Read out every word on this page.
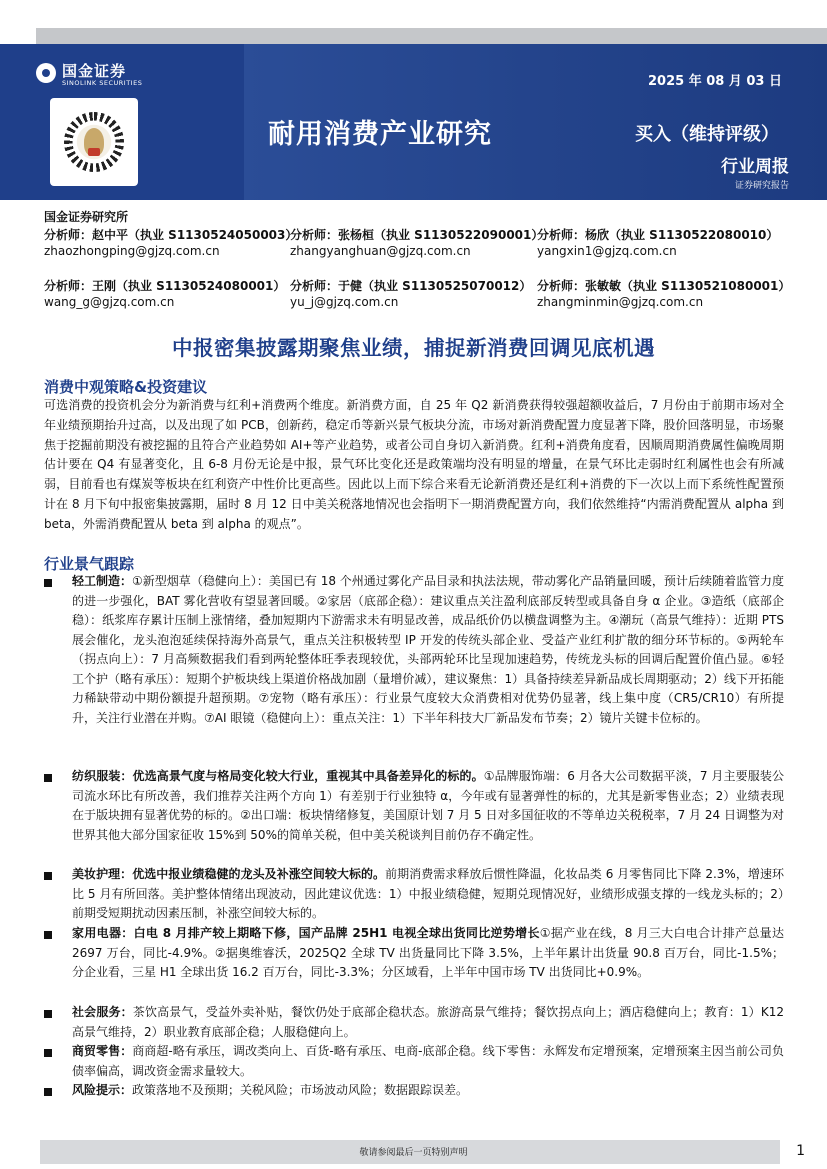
国金证券
SINOLINK SECURITIES	2025 年 08 月 03 日
耐用消费产业研究	买入（维持评级）
行业周报
证券研究报告
国金证券研究所
分析师：赵中平（执业 S1130524050003）
zhaozhongping@gjzq.com.cn
分析师：张杨桓（执业 S1130522090001）
zhangyanghuan@gjzq.com.cn
分析师：杨欣（执业 S1130522080010）
yangxin1@gjzq.com.cn
分析师：王刚（执业 S1130524080001）
wang_g@gjzq.com.cn
分析师：于健（执业 S1130525070012）
yu_j@gjzq.com.cn
分析师：张敏敏（执业 S1130521080001）
zhangminmin@gjzq.com.cn
中报密集披露期聚焦业绩，捕捉新消费回调见底机遇
消费中观策略&投资建议
可选消费的投资机会分为新消费与红利+消费两个维度。新消费方面，自 25 年 Q2 新消费获得较强超额收益后，7 月份由于前期市场对全年业绩预期抬升过高，以及出现了如 PCB，创新药，稳定币等新兴景气板块分流，市场对新消费配置力度显著下降，股价回落明显，市场聚焦于挖掘前期没有被挖掘的且符合产业趋势如 AI+等产业趋势，或者公司自身切入新消费。红利+消费角度看，因顺周期消费属性偏晚周期估计要在 Q4 有显著变化，且 6-8 月份无论是中报，景气环比变化还是政策端均没有明显的增量，在景气环比走弱时红利属性也会有所减弱，目前看也有煤炭等板块在红利资产中性价比更高些。因此以上而下综合来看无论新消费还是红利+消费的下一次以上而下系统性配置预计在 8 月下旬中报密集披露期，届时 8 月 12 日中美关税落地情况也会指明下一期消费配置方向，我们依然维持“内需消费配置从 alpha 到 beta，外需消费配置从 beta 到 alpha 的观点”。
行业景气跟踪
轻工制造：①新型烟草（稳健向上）：美国已有 18 个州通过雾化产品目录和执法法规，带动雾化产品销量回暖，预计后续随着监管力度的进一步强化，BAT 雾化营收有望显著回暖。②家居（底部企稳）：建议重点关注盈利底部反转型或具备自身 α 企业。③造纸（底部企稳）：纸浆库存累计压制上涨情绪，叠加短期内下游需求未有明显改善，成品纸价仍以横盘调整为主。④潮玩（高景气维持）：近期 PTS 展会催化，龙头泡泡延续保持海外高景气，重点关注积极转型 IP 开发的传统头部企业、受益产业红利扩散的细分环节标的。⑤两轮车（拐点向上）：7 月高频数据我们看到两轮整体旺季表现较优，头部两轮环比呈现加速趋势，传统龙头标的回调后配置价值凸显。⑥轻工个护（略有承压）：短期个护板块线上渠道价格战加剧（量增价减），建议聚焦：1）具备持续差异新品成长周期驱动；2）线下开拓能力稀缺带动中期份额提升超预期。⑦宠物（略有承压）：行业景气度较大众消费相对优势仍显著，线上集中度（CR5/CR10）有所提升，关注行业潜在并购。⑦AI 眼镜（稳健向上）：重点关注：1）下半年科技大厂新品发布节奏；2）镜片关键卡位标的。
纺织服装：优选高景气度与格局变化较大行业，重视其中具备差异化的标的。①品牌服饰端：6 月各大公司数据平淡，7 月主要服装公司流水环比有所改善，我们推荐关注两个方向 1）有差别于行业独特 α，今年或有显著弹性的标的，尤其是新零售业态；2）业绩表现在于版块拥有显著优势的标的。②出口端：板块情绪修复，美国原计划 7 月 5 日对多国征收的不等单边关税税率，7 月 24 日调整为对世界其他大部分国家征收 15%到 50%的简单关税，但中美关税谈判目前仍存不确定性。
美妆护理：优选中报业绩稳健的龙头及补涨空间较大标的。前期消费需求释放后惯性降温，化妆品类 6 月零售同比下降 2.3%，增速环比 5 月有所回落。美护整体情绪出现波动，因此建议优选：1）中报业绩稳健，短期兑现情况好，业绩形成强支撑的一线龙头标的；2）前期受短期扰动因素压制，补涨空间较大标的。
家用电器：白电 8 月排产较上期略下修，国产品牌 25H1 电视全球出货同比逆势增长①据产业在线，8 月三大白电合计排产总量达 2697 万台，同比-4.9%。②据奥维睿沃，2025Q2 全球 TV 出货量同比下降 3.5%，上半年累计出货量 90.8 百万台，同比-1.5%；分企业看，三星 H1 全球出货 16.2 百万台，同比-3.3%；分区域看，上半年中国市场 TV 出货同比+0.9%。
社会服务：茶饮高景气，受益外卖补贴，餐饮仍处于底部企稳状态。旅游高景气维持；餐饮拐点向上；酒店稳健向上；教育：1）K12 高景气维持，2）职业教育底部企稳；人服稳健向上。
商贸零售：商商超-略有承压，调改类向上、百货-略有承压、电商-底部企稳。线下零售：永辉发布定增预案，定增预案主因当前公司负债率偏高，调改资金需求量较大。
风险提示：政策落地不及预期；关税风险；市场波动风险；数据跟踪误差。
敬请参阅最后一页特别声明	1
